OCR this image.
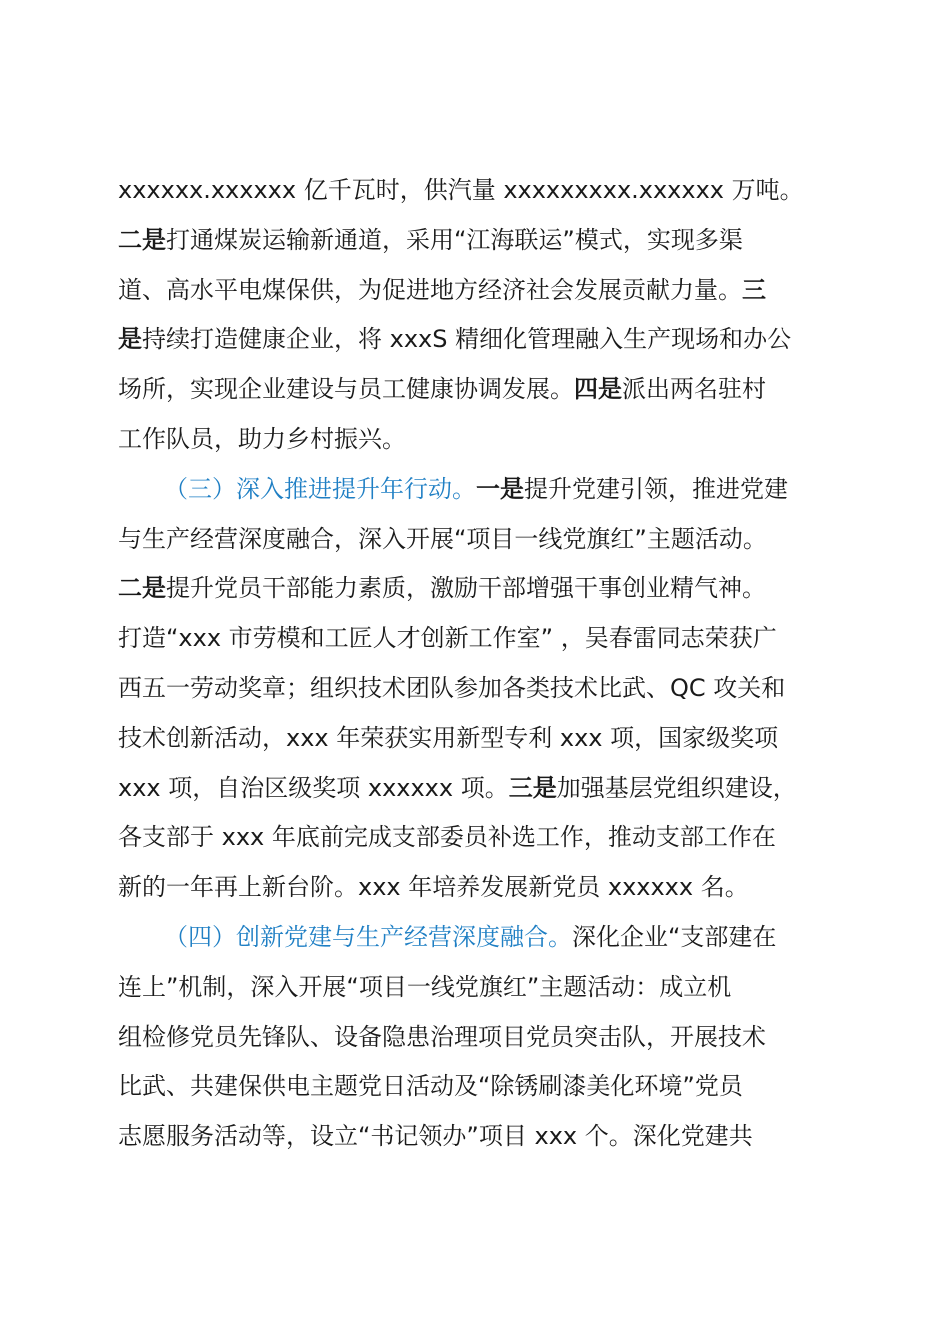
xxxxxx.xxxxxx 亿千瓦时，供汽量 xxxxxxxxx.xxxxxx 万吨。
二是打通煤炭运输新通道，采用“江海联运”模式，实现多渠
道、高水平电煤保供，为促进地方经济社会发展贡献力量。三
是持续打造健康企业，将 xxxS 精细化管理融入生产现场和办公
场所，实现企业建设与员工健康协调发展。四是派出两名驻村
工作队员，助力乡村振兴。
（三）深入推进提升年行动。一是提升党建引领，推进党建
与生产经营深度融合，深入开展“项目一线党旗红”主题活动。
二是提升党员干部能力素质，激励干部增强干事创业精气神。
打造“xxx 市劳模和工匠人才创新工作室” ，吴春雷同志荣获广
西五一劳动奖章；组织技术团队参加各类技术比武、QC 攻关和
技术创新活动，xxx 年荣获实用新型专利 xxx 项，国家级奖项
xxx 项，自治区级奖项 xxxxxx 项。三是加强基层党组织建设，
各支部于 xxx 年底前完成支部委员补选工作，推动支部工作在
新的一年再上新台阶。xxx 年培养发展新党员 xxxxxx 名。
（四）创新党建与生产经营深度融合。深化企业“支部建在
连上”机制，深入开展“项目一线党旗红”主题活动：成立机
组检修党员先锋队、设备隐患治理项目党员突击队，开展技术
比武、共建保供电主题党日活动及“除锈刷漆美化环境”党员
志愿服务活动等，设立“书记领办”项目 xxx 个。深化党建共
